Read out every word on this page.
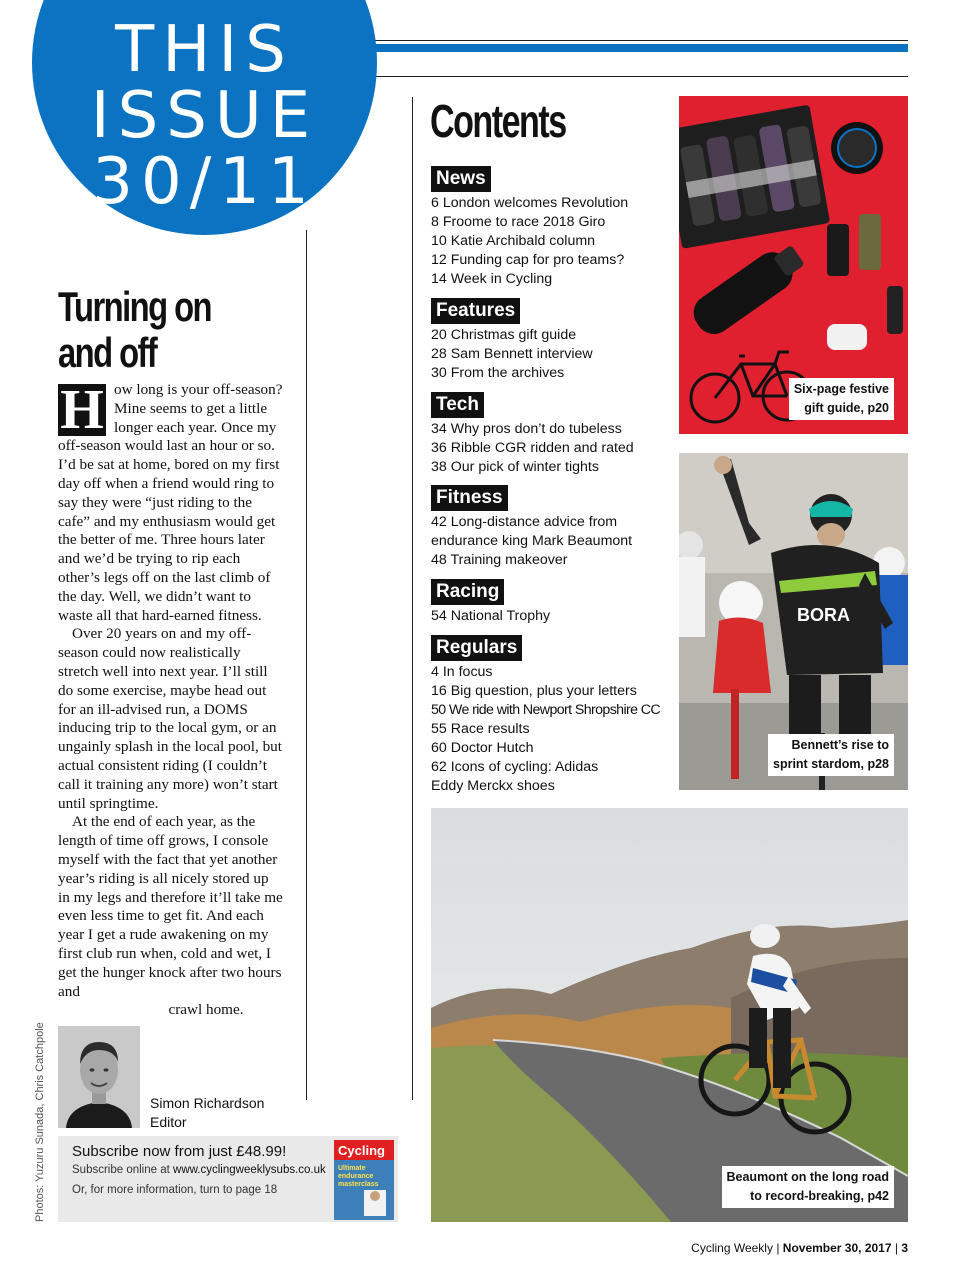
THIS
ISSUE
30/11
Turning on
and off

H ow long is your off-season? Mine seems to get a little longer each year. Once my off-season would last an hour or so. I’d be sat at home, bored on my first day off when a friend would ring to say they were “just riding to the cafe” and my enthusiasm would get the better of me. Three hours later and we’d be trying to rip each other’s legs off on the last climb of the day. Well, we didn’t want to waste all that hard-earned fitness.

Over 20 years on and my off-season could now realistically stretch well into next year. I’ll still do some exercise, maybe head out for an ill-advised run, a DOMS inducing trip to the local gym, or an ungainly splash in the local pool, but actual consistent riding (I couldn’t call it training any more) won’t start until springtime.

At the end of each year, as the length of time off grows, I console myself with the fact that yet another year’s riding is all nicely stored up in my legs and therefore it’ll take me even less time to get fit. And each year I get a rude awakening on my first club run when, cold and wet, I get the hunger knock after two hours and

crawl home.
Simon Richardson
Editor
Photos: Yuzuru Sunada, Chris Catchpole Subscribe now from just £48.99!
Subscribe online at www.cyclingweeklysubs.co.uk
Or, for more information, turn to page 18
Cycling
Ultimate
endurance
masterclass
Contents
News
6 London welcomes Revolution
8 Froome to race 2018 Giro
10 Katie Archibald column
12 Funding cap for pro teams?
14 Week in Cycling
Features
20 Christmas gift guide
28 Sam Bennett interview
30 From the archives
Tech
34 Why pros don’t do tubeless
36 Ribble CGR ridden and rated
38 Our pick of winter tights
Fitness
42 Long-distance advice from
endurance king Mark Beaumont
48 Training makeover
Racing
54 National Trophy
Regulars
4 In focus
16 Big question, plus your letters
50 We ride with Newport Shropshire CC
55 Race results
60 Doctor Hutch
62 Icons of cycling: Adidas
Eddy Merckx shoes
Six-page festive
gift guide, p20
BORA
Bennett’s rise to
sprint stardom, p28
Beaumont on the long road
to record-breaking, p42
Cycling Weekly | November 30, 2017 | 3
